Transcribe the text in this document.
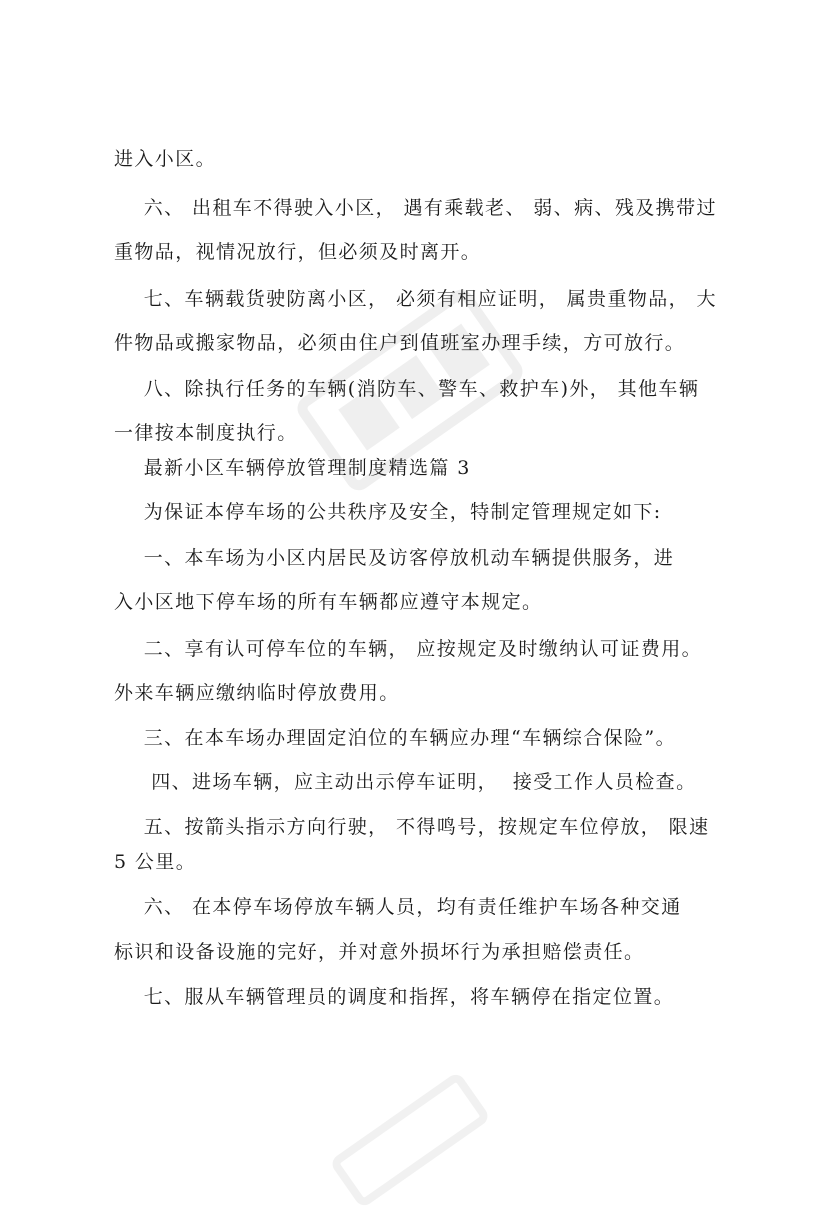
进入小区。
六、 出租车不得驶入小区， 遇有乘载老、 弱、病、残及携带过
重物品，视情况放行，但必须及时离开。
七、车辆载货驶防离小区， 必须有相应证明， 属贵重物品， 大
件物品或搬家物品，必须由住户到值班室办理手续，方可放行。
八、除执行任务的车辆(消防车、警车、救护车)外， 其他车辆
一律按本制度执行。
最新小区车辆停放管理制度精选篇 3
为保证本停车场的公共秩序及安全，特制定管理规定如下:
一、本车场为小区内居民及访客停放机动车辆提供服务，进
入小区地下停车场的所有车辆都应遵守本规定。
二、享有认可停车位的车辆， 应按规定及时缴纳认可证费用。
外来车辆应缴纳临时停放费用。
三、在本车场办理固定泊位的车辆应办理“车辆综合保险”。
四、进场车辆，应主动出示停车证明，  接受工作人员检查。
五、按箭头指示方向行驶， 不得鸣号，按规定车位停放， 限速
5 公里。
六、 在本停车场停放车辆人员，均有责任维护车场各种交通
标识和设备设施的完好，并对意外损坏行为承担赔偿责任。
七、服从车辆管理员的调度和指挥，将车辆停在指定位置。
